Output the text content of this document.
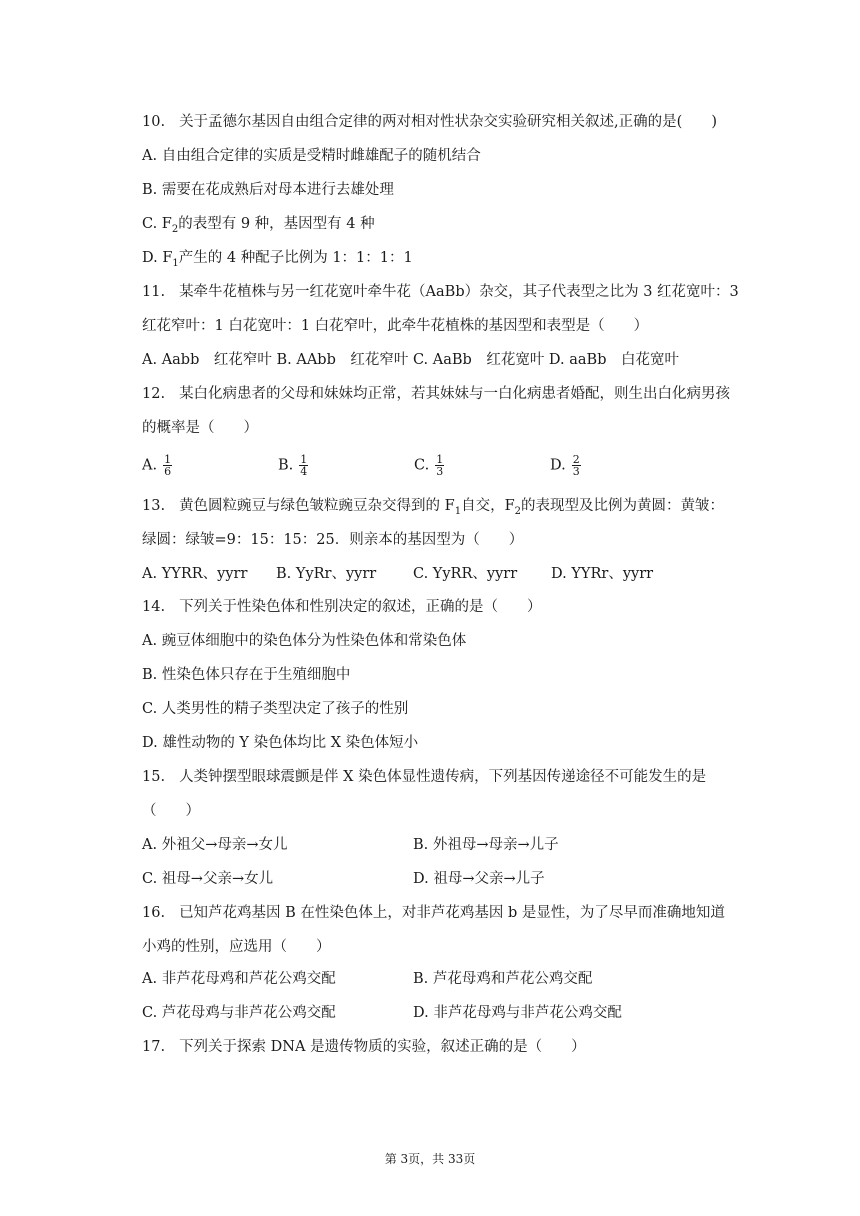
10. 关于孟德尔基因自由组合定律的两对相对性状杂交实验研究相关叙述,正确的是(　　)
A. 自由组合定律的实质是受精时雌雄配子的随机结合
B. 需要在花成熟后对母本进行去雄处理
C. $F_2$的表型有 9 种，基因型有 4 种
D. $F_1$产生的 4 种配子比例为 1：1：1：1
11. 某牵牛花植株与另一红花宽叶牵牛花（AaBb）杂交，其子代表型之比为 3 红花宽叶：3
红花窄叶：1 白花宽叶：1 白花窄叶，此牵牛花植株的基因型和表型是（　　）
A. Aabb　红花窄叶 B. AAbb　红花窄叶 C. AaBb　红花宽叶 D. aaBb　白花宽叶
12. 某白化病患者的父母和妹妹均正常，若其妹妹与一白化病患者婚配，则生出白化病男孩
的概率是（　　）
A. $\frac{1}{6}$	B. $\frac{1}{4}$	C. $\frac{1}{3}$	D. $\frac{2}{3}$
13. 黄色圆粒豌豆与绿色皱粒豌豆杂交得到的 $F_1$自交，$F_2$的表现型及比例为黄圆：黄皱：
绿圆：绿皱=9：15：15：25．则亲本的基因型为（　　）
A. YYRR、yyrr B. YyRr、yyrr	C. YyRR、yyrr D. YYRr、yyrr
14. 下列关于性染色体和性别决定的叙述，正确的是（　　）
A. 豌豆体细胞中的染色体分为性染色体和常染色体
B. 性染色体只存在于生殖细胞中
C. 人类男性的精子类型决定了孩子的性别
D. 雄性动物的 Y 染色体均比 X 染色体短小
15. 人类钟摆型眼球震颤是伴 X 染色体显性遗传病，下列基因传递途径不可能发生的是
（　　）
A. 外祖父→母亲→女儿	B. 外祖母→母亲→儿子
C. 祖母→父亲→女儿	D. 祖母→父亲→儿子
16. 已知芦花鸡基因 B 在性染色体上，对非芦花鸡基因 b 是显性，为了尽早而准确地知道
小鸡的性别，应选用（　　）
A. 非芦花母鸡和芦花公鸡交配	B. 芦花母鸡和芦花公鸡交配
C. 芦花母鸡与非芦花公鸡交配	D. 非芦花母鸡与非芦花公鸡交配
17. 下列关于探索 DNA 是遗传物质的实验，叙述正确的是（　　）
第 3页，共 33页
